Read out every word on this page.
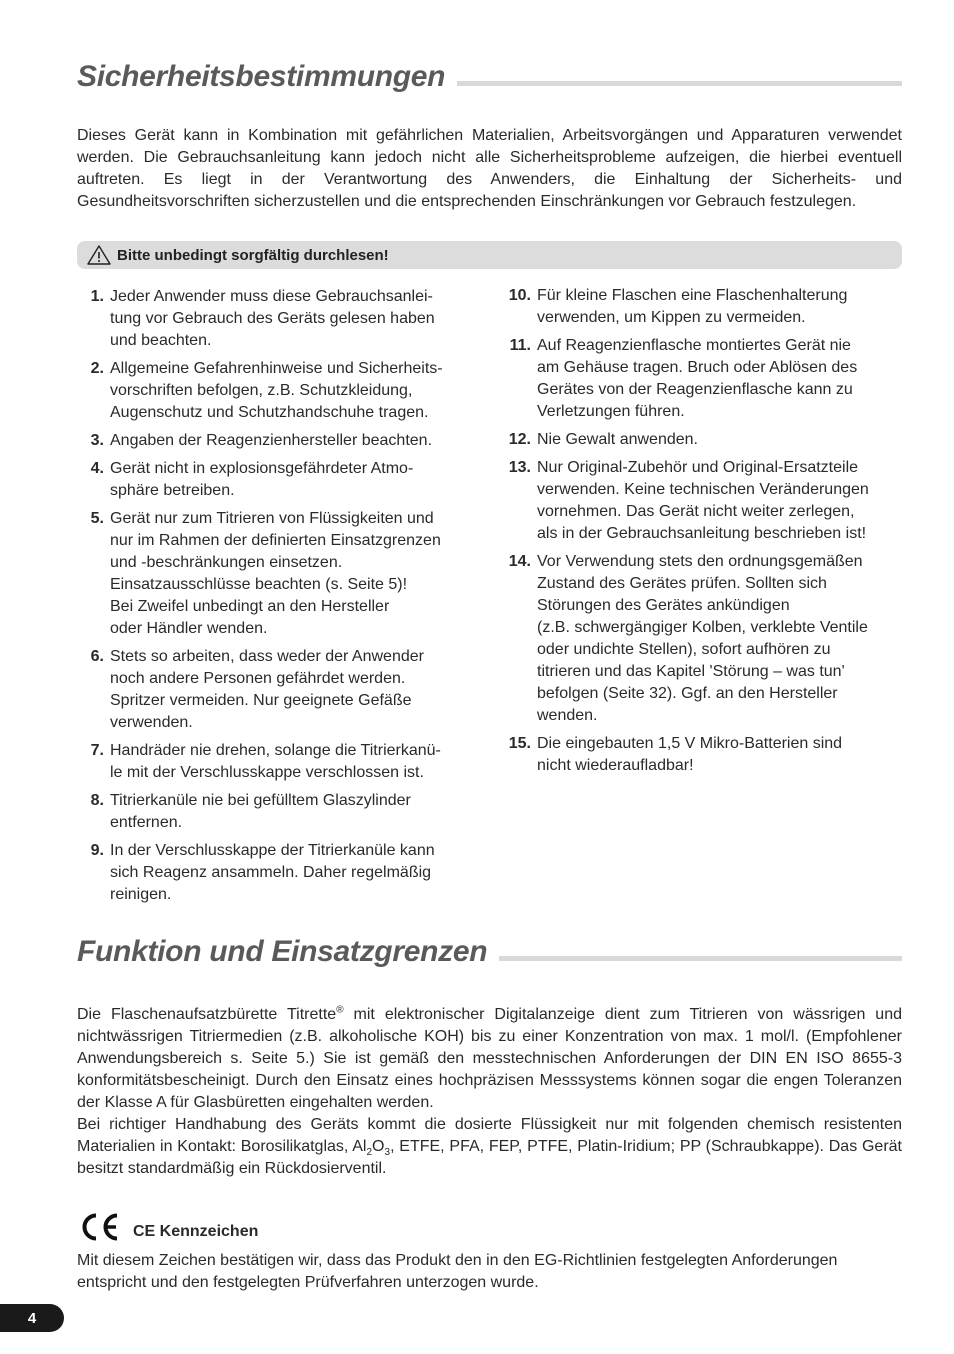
Sicherheitsbestimmungen
Dieses Gerät kann in Kombination mit gefährlichen Materialien, Arbeitsvorgängen und Apparaturen verwendet werden. Die Gebrauchsanleitung kann jedoch nicht alle Sicherheitsprobleme aufzeigen, die hierbei eventuell auftreten. Es liegt in der Verantwortung des Anwenders, die Einhaltung der Sicherheits- und Gesundheitsvorschriften sicherzustellen und die entsprechenden Einschränkungen vor Gebrauch festzulegen.
Bitte unbedingt sorgfältig durchlesen!
1. Jeder Anwender muss diese Gebrauchsanlei-
tung vor Gebrauch des Geräts gelesen haben
und beachten.
2. Allgemeine Gefahrenhinweise und Sicherheits-
vorschriften befolgen, z.B. Schutzkleidung,
Augenschutz und Schutzhandschuhe tragen.
3. Angaben der Reagenzienhersteller beachten.
4. Gerät nicht in explosionsgefährdeter Atmo-
sphäre betreiben.
5. Gerät nur zum Titrieren von Flüssigkeiten und
nur im Rahmen der definierten Einsatzgrenzen
und -beschränkungen einsetzen.
Einsatzausschlüsse beachten (s. Seite 5)!
Bei Zweifel unbedingt an den Hersteller
oder Händler wenden.
6. Stets so arbeiten, dass weder der Anwender
noch andere Personen gefährdet werden.
Spritzer vermeiden. Nur geeignete Gefäße
verwenden.
7. Handräder nie drehen, solange die Titrierkanü-
le mit der Verschlusskappe verschlossen ist.
8. Titrierkanüle nie bei gefülltem Glaszylinder
entfernen.
9. In der Verschlusskappe der Titrierkanüle kann
sich Reagenz ansammeln. Daher regelmäßig
reinigen.
10. Für kleine Flaschen eine Flaschenhalterung
verwenden, um Kippen zu vermeiden.
11. Auf Reagenzienflasche montiertes Gerät nie
am Gehäuse tragen. Bruch oder Ablösen des
Gerätes von der Reagenzienflasche kann zu
Verletzungen führen.
12. Nie Gewalt anwenden.
13. Nur Original-Zubehör und Original-Ersatzteile
verwenden. Keine technischen Veränderungen
vornehmen. Das Gerät nicht weiter zerlegen,
als in der Gebrauchsanleitung beschrieben ist!
14. Vor Verwendung stets den ordnungsgemäßen
Zustand des Gerätes prüfen. Sollten sich
Störungen des Gerätes ankündigen
(z.B. schwergängiger Kolben, verklebte Ventile
oder undichte Stellen), sofort aufhören zu
titrieren und das Kapitel 'Störung – was tun'
befolgen (Seite 32). Ggf. an den Hersteller
wenden.
15. Die eingebauten 1,5 V Mikro-Batterien sind
nicht wiederaufladbar!
Funktion und Einsatzgrenzen
Die Flaschenaufsatzbürette Titrette® mit elektronischer Digitalanzeige dient zum Titrieren von wässrigen und nichtwässrigen Titriermedien (z.B. alkoholische KOH) bis zu einer Konzentration von max. 1 mol/l. (Empfohlener Anwendungsbereich s. Seite 5.) Sie ist gemäß den messtechnischen Anforderungen der DIN EN ISO 8655-3 konformitätsbescheinigt. Durch den Einsatz eines hochpräzisen Messsystems können sogar die engen Toleranzen der Klasse A für Glasbüretten eingehalten werden.
Bei richtiger Handhabung des Geräts kommt die dosierte Flüssigkeit nur mit folgenden chemisch resistenten Materialien in Kontakt: Borosilikatglas, $Al_2O_3$, ETFE, PFA, FEP, PTFE, Platin-Iridium; PP (Schraubkappe). Das Gerät besitzt standardmäßig ein Rückdosierventil.
CE Kennzeichen
Mit diesem Zeichen bestätigen wir, dass das Produkt den in den EG-Richtlinien festgelegten Anforderungen entspricht und den festgelegten Prüfverfahren unterzogen wurde.
4
